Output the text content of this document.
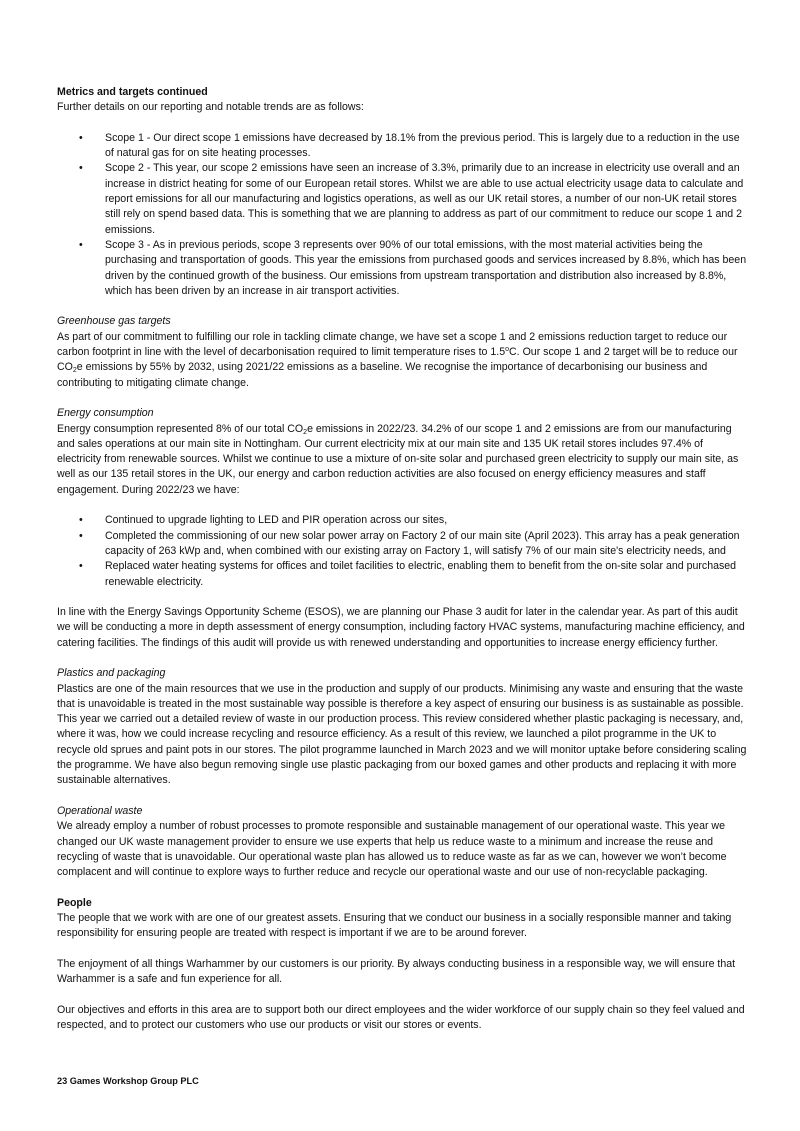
Metrics and targets continued

Further details on our reporting and notable trends are as follows:

• Scope 1 - Our direct scope 1 emissions have decreased by 18.1% from the previous period. This is largely due to a reduction in the use of natural gas for on site heating processes.
• Scope 2 - This year, our scope 2 emissions have seen an increase of 3.3%, primarily due to an increase in electricity use overall and an increase in district heating for some of our European retail stores. Whilst we are able to use actual electricity usage data to calculate and report emissions for all our manufacturing and logistics operations, as well as our UK retail stores, a number of our non-UK retail stores still rely on spend based data. This is something that we are planning to address as part of our commitment to reduce our scope 1 and 2 emissions.
• Scope 3 - As in previous periods, scope 3 represents over 90% of our total emissions, with the most material activities being the purchasing and transportation of goods. This year the emissions from purchased goods and services increased by 8.8%, which has been driven by the continued growth of the business. Our emissions from upstream transportation and distribution also increased by 8.8%, which has been driven by an increase in air transport activities.

Greenhouse gas targets

As part of our commitment to fulfilling our role in tackling climate change, we have set a scope 1 and 2 emissions reduction target to reduce our carbon footprint in line with the level of decarbonisation required to limit temperature rises to 1.5$^o$C. Our scope 1 and 2 target will be to reduce our $CO_2e$ emissions by 55% by 2032, using 2021/22 emissions as a baseline. We recognise the importance of decarbonising our business and contributing to mitigating climate change.

Energy consumption

Energy consumption represented 8% of our total $CO_2e$ emissions in 2022/23. 34.2% of our scope 1 and 2 emissions are from our manufacturing and sales operations at our main site in Nottingham. Our current electricity mix at our main site and 135 UK retail stores includes 97.4% of electricity from renewable sources. Whilst we continue to use a mixture of on-site solar and purchased green electricity to supply our main site, as well as our 135 retail stores in the UK, our energy and carbon reduction activities are also focused on energy efficiency measures and staff engagement. During 2022/23 we have:

• Continued to upgrade lighting to LED and PIR operation across our sites,
• Completed the commissioning of our new solar power array on Factory 2 of our main site (April 2023). This array has a peak generation capacity of 263 kWp and, when combined with our existing array on Factory 1, will satisfy 7% of our main site's electricity needs, and
• Replaced water heating systems for offices and toilet facilities to electric, enabling them to benefit from the on-site solar and purchased renewable electricity.

In line with the Energy Savings Opportunity Scheme (ESOS), we are planning our Phase 3 audit for later in the calendar year. As part of this audit we will be conducting a more in depth assessment of energy consumption, including factory HVAC systems, manufacturing machine efficiency, and catering facilities. The findings of this audit will provide us with renewed understanding and opportunities to increase energy efficiency further.

Plastics and packaging

Plastics are one of the main resources that we use in the production and supply of our products. Minimising any waste and ensuring that the waste that is unavoidable is treated in the most sustainable way possible is therefore a key aspect of ensuring our business is as sustainable as possible. This year we carried out a detailed review of waste in our production process. This review considered whether plastic packaging is necessary, and, where it was, how we could increase recycling and resource efficiency. As a result of this review, we launched a pilot programme in the UK to recycle old sprues and paint pots in our stores. The pilot programme launched in March 2023 and we will monitor uptake before considering scaling the programme. We have also begun removing single use plastic packaging from our boxed games and other products and replacing it with more sustainable alternatives.

Operational waste

We already employ a number of robust processes to promote responsible and sustainable management of our operational waste. This year we changed our UK waste management provider to ensure we use experts that help us reduce waste to a minimum and increase the reuse and recycling of waste that is unavoidable. Our operational waste plan has allowed us to reduce waste as far as we can, however we won’t become complacent and will continue to explore ways to further reduce and recycle our operational waste and our use of non-recyclable packaging.

People

The people that we work with are one of our greatest assets. Ensuring that we conduct our business in a socially responsible manner and taking responsibility for ensuring people are treated with respect is important if we are to be around forever.

The enjoyment of all things Warhammer by our customers is our priority. By always conducting business in a responsible way, we will ensure that Warhammer is a safe and fun experience for all.

Our objectives and efforts in this area are to support both our direct employees and the wider workforce of our supply chain so they feel valued and respected, and to protect our customers who use our products or visit our stores or events.

23 Games Workshop Group PLC
